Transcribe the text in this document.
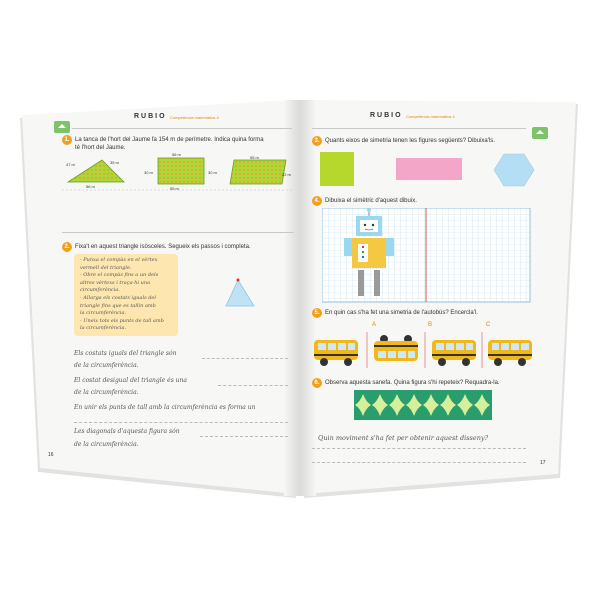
RUBIO Competència matemàtica 4
1. La tanca de l'hort del Jaume fa 154 m de perímetre. Indica quina forma
té l'hort del Jaume.
47 m	35 m
56 m
56 m
30 m	30 m
55 m
55 m
22 m
2. Fixa't en aquest triangle isòsceles. Segueix els passos i completa.
- Punxa el compàs en el vèrtex
vermell del triangle.
- Obre el compàs fins a un dels
altres vèrtexs i traça-hi una
circumferència.
- Allarga els costats iguals del
triangle fins que es tallin amb
la circumferència.
- Uneix tots els punts de tall amb
la circumferència.
Els costats iguals del triangle són
de la circumferència.
El costat desigual del triangle és una
de la circumferència.
En unir els punts de tall amb la circumferència es forma un
Les diagonals d'aquesta figura són
de la circumferència.
16
RUBIO Competència matemàtica 4
3. Quants eixos de simetria tenen les figures següents? Dibuixa'ls.
4. Dibuixa el simètric d'aquest dibuix.
5. En quin cas s'ha fet una simetria de l'autobús? Encercla'l.
A	B	C
6. Observa aquesta sanefa. Quina figura s'hi repeteix? Requadra-la.
Quin moviment s'ha fet per obtenir aquest disseny?
17
